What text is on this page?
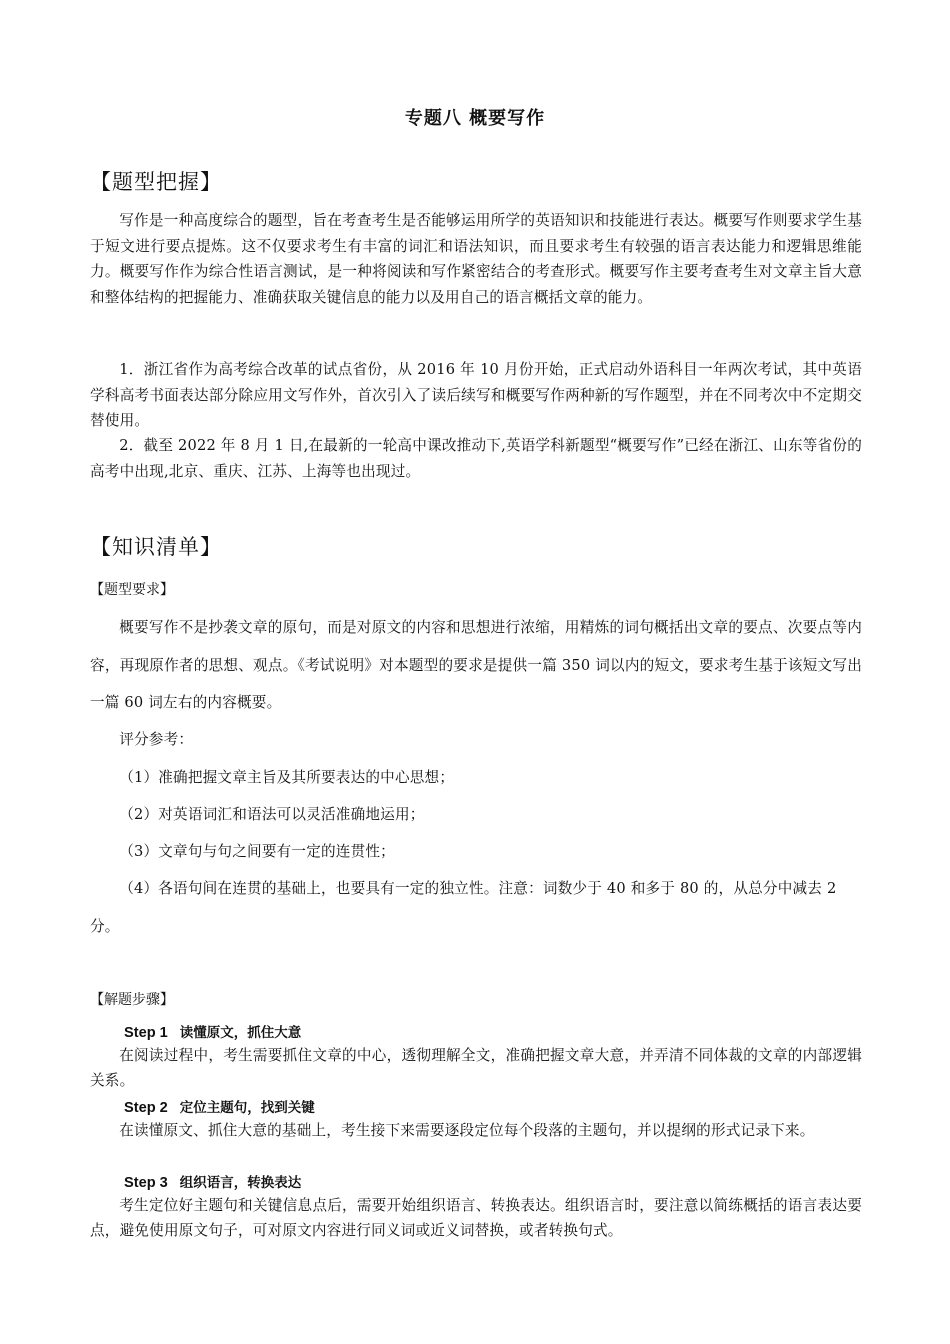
专题八 概要写作
【题型把握】
写作是一种高度综合的题型，旨在考查考生是否能够运用所学的英语知识和技能进行表达。概要写作则要求学生基于短文进行要点提炼。这不仅要求考生有丰富的词汇和语法知识，而且要求考生有较强的语言表达能力和逻辑思维能力。概要写作作为综合性语言测试，是一种将阅读和写作紧密结合的考查形式。概要写作主要考查考生对文章主旨大意和整体结构的把握能力、准确获取关键信息的能力以及用自己的语言概括文章的能力。
1．浙江省作为高考综合改革的试点省份，从 2016 年 10 月份开始，正式启动外语科目一年两次考试，其中英语学科高考书面表达部分除应用文写作外，首次引入了读后续写和概要写作两种新的写作题型，并在不同考次中不定期交替使用。
2．截至 2022 年 8 月 1 日,在最新的一轮高中课改推动下,英语学科新题型“概要写作”已经在浙江、山东等省份的高考中出现,北京、重庆、江苏、上海等也出现过。
【知识清单】
【题型要求】
概要写作不是抄袭文章的原句，而是对原文的内容和思想进行浓缩，用精炼的词句概括出文章的要点、次要点等内容，再现原作者的思想、观点。《考试说明》对本题型的要求是提供一篇 350 词以内的短文，要求考生基于该短文写出一篇 60 词左右的内容概要。
评分参考：
（1）准确把握文章主旨及其所要表达的中心思想；
（2）对英语词汇和语法可以灵活准确地运用；
（3）文章句与句之间要有一定的连贯性；
（4）各语句间在连贯的基础上，也要具有一定的独立性。注意：词数少于 40 和多于 80 的，从总分中减去 2 分。
【解题步骤】
Step 1 读懂原文，抓住大意
在阅读过程中，考生需要抓住文章的中心，透彻理解全文，准确把握文章大意，并弄清不同体裁的文章的内部逻辑关系。
Step 2 定位主题句，找到关键
在读懂原文、抓住大意的基础上，考生接下来需要逐段定位每个段落的主题句，并以提纲的形式记录下来。
Step 3 组织语言，转换表达
考生定位好主题句和关键信息点后，需要开始组织语言、转换表达。组织语言时，要注意以简练概括的语言表达要点，避免使用原文句子，可对原文内容进行同义词或近义词替换，或者转换句式。
